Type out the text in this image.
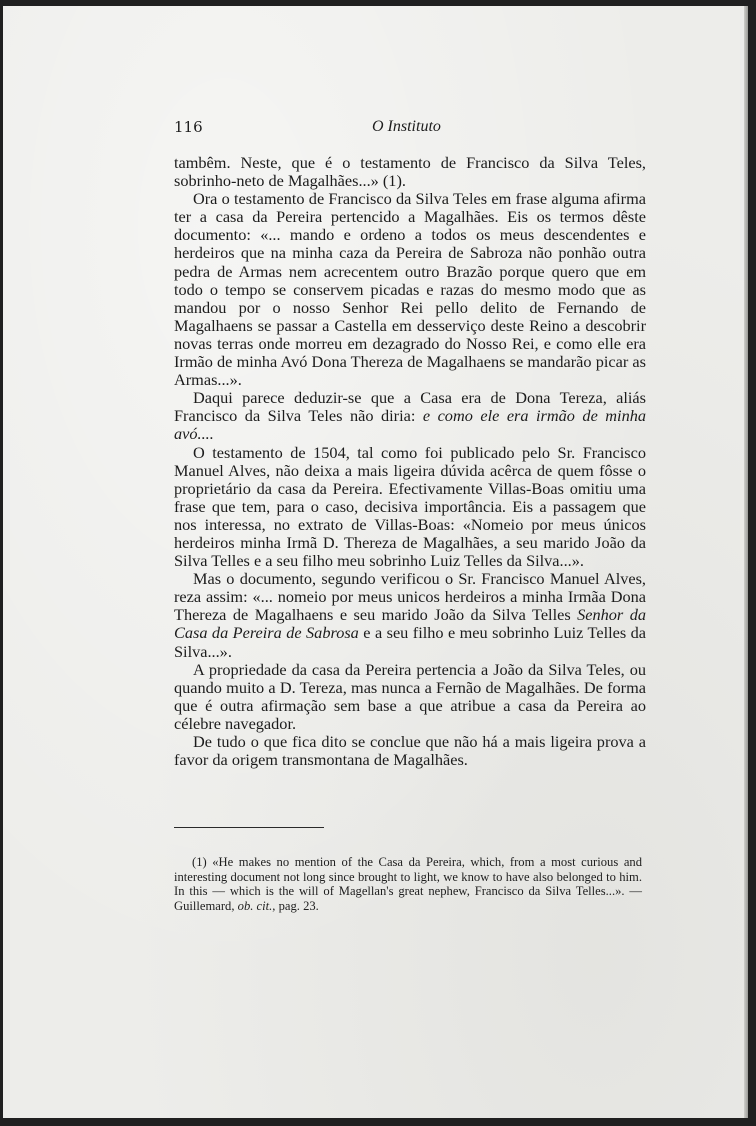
116	O Instituto

tambêm. Neste, que é o testamento de Francisco da Silva Teles, sobrinho-neto de Magalhães...» (1).

Ora o testamento de Francisco da Silva Teles em frase alguma afirma ter a casa da Pereira pertencido a Magalhães. Eis os termos dêste documento: «... mando e ordeno a todos os meus descendentes e herdeiros que na minha caza da Pereira de Sabroza não ponhão outra pedra de Armas nem acrecentem outro Brazão porque quero que em todo o tempo se conservem picadas e razas do mesmo modo que as mandou por o nosso Senhor Rei pello delito de Fernando de Magalhaens se passar a Castella em desserviço deste Reino a descobrir novas terras onde morreu em dezagrado do Nosso Rei, e como elle era Irmão de minha Avó Dona Thereza de Magalhaens se mandarão picar as Armas...».

Daqui parece deduzir-se que a Casa era de Dona Tereza, aliás Francisco da Silva Teles não diria: e como ele era irmão de minha avó....

O testamento de 1504, tal como foi publicado pelo Sr. Francisco Manuel Alves, não deixa a mais ligeira dúvida acêrca de quem fôsse o proprietário da casa da Pereira. Efectivamente Villas-Boas omitiu uma frase que tem, para o caso, decisiva importância. Eis a passagem que nos interessa, no extrato de Villas-Boas: «Nomeio por meus únicos herdeiros minha Irmã D. Thereza de Magalhães, a seu marido João da Silva Telles e a seu filho meu sobrinho Luiz Telles da Silva...».

Mas o documento, segundo verificou o Sr. Francisco Manuel Alves, reza assim: «... nomeio por meus unicos herdeiros a minha Irmãa Dona Thereza de Magalhaens e seu marido João da Silva Telles Senhor da Casa da Pereira de Sabrosa e a seu filho e meu sobrinho Luiz Telles da Silva...».

A propriedade da casa da Pereira pertencia a João da Silva Teles, ou quando muito a D. Tereza, mas nunca a Fernão de Magalhães. De forma que é outra afirmação sem base a que atribue a casa da Pereira ao célebre navegador.

De tudo o que fica dito se conclue que não há a mais ligeira prova a favor da origem transmontana de Magalhães.

(1) «He makes no mention of the Casa da Pereira, which, from a most curious and interesting document not long since brought to light, we know to have also belonged to him. In this — which is the will of Magellan's great nephew, Francisco da Silva Telles...». — Guillemard, ob. cit., pag. 23.
